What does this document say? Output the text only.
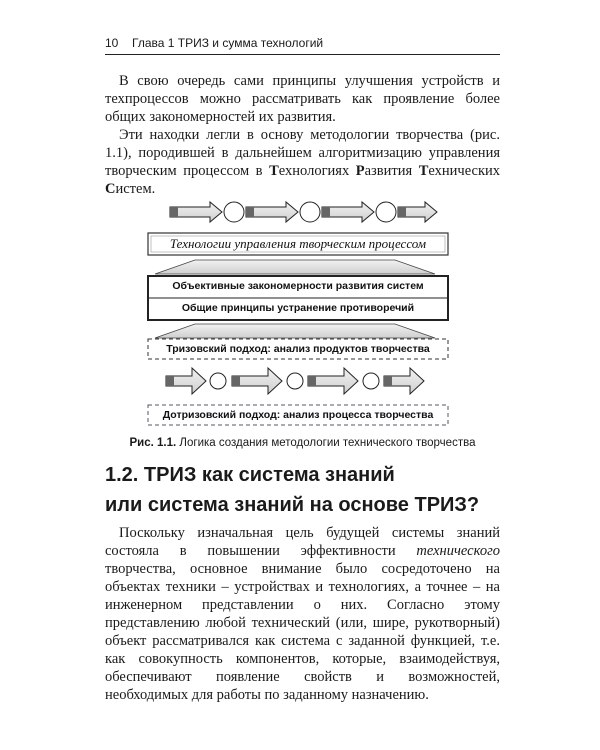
10 Глава 1 ТРИЗ и сумма технологий

В свою очередь сами принципы улучшения устройств и техпроцессов можно рассматривать как проявление более общих закономерностей их развития.

Эти находки легли в основу методологии творчества (рис. 1.1), породившей в дальнейшем алгоритмизацию управления творческим процессом в Технологиях Развития Технических Систем.

Технологии управления творческим процессом
Объективные закономерности развития систем
Общие принципы устранение противоречий
Тризовский подход: анализ продуктов творчества
Дотризовский подход: анализ процесса творчества
Рис. 1.1. Логика создания методологии технического творчества
1.2. ТРИЗ как система знаний
или система знаний на основе ТРИЗ?

Поскольку изначальная цель будущей системы знаний состояла в повышении эффективности технического творчества, основное внимание было сосредоточено на объектах техники – устройствах и технологиях, а точнее – на инженерном представлении о них. Согласно этому представлению любой технический (или, шире, рукотворный) объект рассматривался как система с заданной функцией, т.е. как совокупность компонентов, которые, взаимодействуя, обеспечивают появление свойств и возможностей, необходимых для работы по заданному назначению.
